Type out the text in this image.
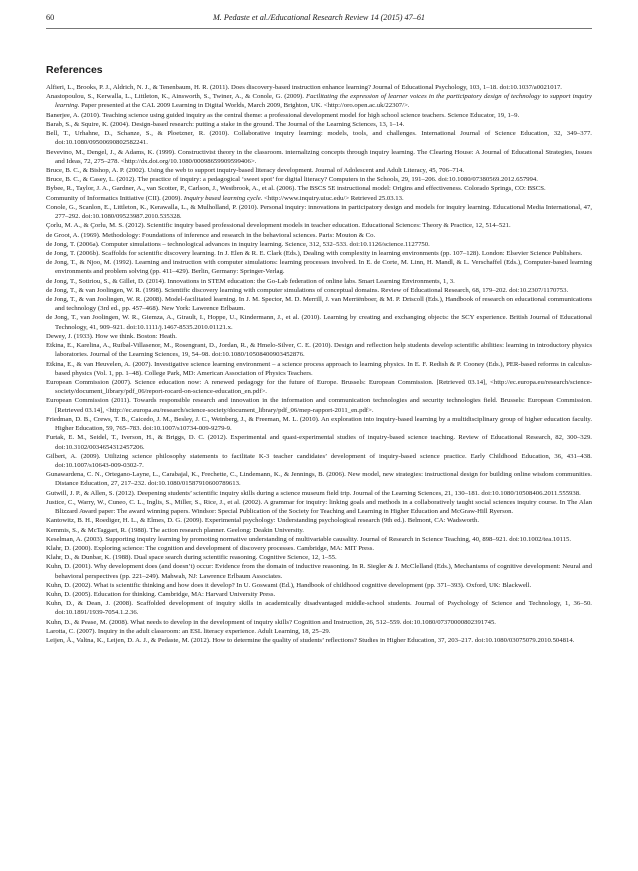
60	M. Pedaste et al./Educational Research Review 14 (2015) 47–61
References
Alfieri, L., Brooks, P. J., Aldrich, N. J., & Tenenbaum, H. R. (2011). Does discovery-based instruction enhance learning? Journal of Educational Psychology, 103, 1–18. doi:10.1037/a0021017.
Anastopoulou, S., Kerwalla, L., Littleton, K., Ainsworth, S., Twiner, A., & Conole, G. (2009). Facilitating the expression of learner voices in the participatory design of technology to support inquiry learning. Paper presented at the CAL 2009 Learning in Digital Worlds, March 2009, Brighton, UK. <http://oro.open.ac.uk/22307/>.
Banerjee, A. (2010). Teaching science using guided inquiry as the central theme: a professional development model for high school science teachers. Science Educator, 19, 1–9.
Barab, S., & Squire, K. (2004). Design-based research: putting a stake in the ground. The Journal of the Learning Sciences, 13, 1–14.
Bell, T., Urhahne, D., Schanze, S., & Ploetzner, R. (2010). Collaborative inquiry learning: models, tools, and challenges. International Journal of Science Education, 32, 349–377. doi:10.1080/09500690802582241.
Bevevino, M., Dengel, J., & Adams, K. (1999). Constructivist theory in the classroom. internalizing concepts through inquiry learning. The Clearing House: A Journal of Educational Strategies, Issues and Ideas, 72, 275–278. <http://dx.doi.org/10.1080/00098659909599406>.
Bruce, B. C., & Bishop, A. P. (2002). Using the web to support inquiry-based literacy development. Journal of Adolescent and Adult Literacy, 45, 706–714.
Bruce, B. C., & Casey, L. (2012). The practice of inquiry: a pedagogical ‘sweet spot’ for digital literacy? Computers in the Schools, 29, 191–206. doi:10.1080/07380569.2012.657994.
Bybee, R., Taylor, J. A., Gardner, A., van Scotter, P., Carlson, J., Westbrook, A., et al. (2006). The BSCS 5E instructional model: Origins and effectiveness. Colorado Springs, CO: BSCS.
Community of Informatics Initiative (CII). (2009). Inquiry based learning cycle. <http://www.inquiry.uiuc.edu/> Retrieved 25.03.13.
Conole, G., Scanlon, E., Littleton, K., Kerawalla, L., & Mulholland, P. (2010). Personal inquiry: innovations in participatory design and models for inquiry learning. Educational Media International, 47, 277–292. doi:10.1080/09523987.2010.535328.
Çorlu, M. A., & Çorlu, M. S. (2012). Scientific inquiry based professional development models in teacher education. Educational Sciences: Theory & Practice, 12, 514–521.
de Groot, A. (1969). Methodology: Foundations of inference and research in the behavioral sciences. Paris: Mouton & Co.
de Jong, T. (2006a). Computer simulations – technological advances in inquiry learning. Science, 312, 532–533. doi:10.1126/science.1127750.
de Jong, T. (2006b). Scaffolds for scientific discovery learning. In J. Elen & R. E. Clark (Eds.), Dealing with complexity in learning environments (pp. 107–128). London: Elsevier Science Publishers.
de Jong, T., & Njoo, M. (1992). Learning and instruction with computer simulations: learning processes involved. In E. de Corte, M. Linn, H. Mandl, & L. Verschaffel (Eds.), Computer-based learning environments and problem solving (pp. 411–429). Berlin, Germany: Springer-Verlag.
de Jong, T., Sotiriou, S., & Gillet, D. (2014). Innovations in STEM education: the Go-Lab federation of online labs. Smart Learning Environments, 1, 3.
de Jong, T., & van Joolingen, W. R. (1998). Scientific discovery learning with computer simulations of conceptual domains. Review of Educational Research, 68, 179–202. doi:10.2307/1170753.
de Jong, T., & van Joolingen, W. R. (2008). Model-facilitated learning. In J. M. Spector, M. D. Merrill, J. van Merriënboer, & M. P. Driscoll (Eds.), Handbook of research on educational communications and technology (3rd ed., pp. 457–468). New York: Lawrence Erlbaum.
de Jong, T., van Joolingen, W. R., Giemza, A., Girault, I., Hoppe, U., Kindermann, J., et al. (2010). Learning by creating and exchanging objects: the SCY experience. British Journal of Educational Technology, 41, 909–921. doi:10.1111/j.1467-8535.2010.01121.x.
Dewey, J. (1933). How we think. Boston: Heath.
Etkina, E., Karelina, A., Ruibal-Villasenor, M., Rosengrant, D., Jordan, R., & Hmelo-Silver, C. E. (2010). Design and reflection help students develop scientific abilities: learning in introductory physics laboratories. Journal of the Learning Sciences, 19, 54–98. doi:10.1080/10508400903452876.
Etkina, E., & van Heuvelen, A. (2007). Investigative science learning environment – a science process approach to learning physics. In E. F. Redish & P. Cooney (Eds.), PER-based reforms in calculus-based physics (Vol. 1, pp. 1–48). College Park, MD: American Association of Physics Teachers.
European Commission (2007). Science education now: A renewed pedagogy for the future of Europe. Brussels: European Commission. [Retrieved 03.14], <http://ec.europa.eu/research/science-society/document_library/pdf_06/report-rocard-on-science-education_en.pdf>.
European Commission (2011). Towards responsible research and innovation in the information and communication technologies and security technologies field. Brussels: European Commission. [Retrieved 03.14], <http://ec.europa.eu/research/science-society/document_library/pdf_06/mep-rapport-2011_en.pdf>.
Friedman, D. B., Crews, T. B., Caicedo, J. M., Besley, J. C., Weinberg, J., & Freeman, M. L. (2010). An exploration into inquiry-based learning by a multidisciplinary group of higher education faculty. Higher Education, 59, 765–783. doi:10.1007/s10734-009-9279-9.
Furtak, E. M., Seidel, T., Iverson, H., & Briggs, D. C. (2012). Experimental and quasi-experimental studies of inquiry-based science teaching. Review of Educational Research, 82, 300–329. doi:10.3102/0034654312457206.
Gilbert, A. (2009). Utilizing science philosophy statements to facilitate K-3 teacher candidates’ development of inquiry-based science practice. Early Childhood Education, 36, 431–438. doi:10.1007/s10643-009-0302-7.
Gunawardena, C. N., Ortegano-Layne, L., Carabajal, K., Frechette, C., Lindemann, K., & Jennings, B. (2006). New model, new strategies: instructional design for building online wisdom communities. Distance Education, 27, 217–232. doi:10.1080/01587910600789613.
Gutwill, J. P., & Allen, S. (2012). Deepening students’ scientific inquiry skills during a science museum field trip. Journal of the Learning Sciences, 21, 130–181. doi:10.1080/10508406.2011.555938.
Justice, C., Warry, W., Cuneo, C. L., Inglis, S., Miller, S., Rice, J., et al. (2002). A grammar for inquiry: linking goals and methods in a collaboratively taught social sciences inquiry course. In The Alan Blizzard Award paper: The award winning papers. Windsor: Special Publication of the Society for Teaching and Learning in Higher Education and McGraw-Hill Ryerson.
Kantowitz, B. H., Roediger, H. L., & Elmes, D. G. (2009). Experimental psychology: Understanding psychological research (9th ed.). Belmont, CA: Wadsworth.
Kemmis, S., & McTaggart, R. (1988). The action research planner. Geelong: Deakin University.
Keselman, A. (2003). Supporting inquiry learning by promoting normative understanding of multivariable causality. Journal of Research in Science Teaching, 40, 898–921. doi:10.1002/tea.10115.
Klahr, D. (2000). Exploring science: The cognition and development of discovery processes. Cambridge, MA: MIT Press.
Klahr, D., & Dunbar, K. (1988). Dual space search during scientific reasoning. Cognitive Science, 12, 1–55.
Kuhn, D. (2001). Why development does (and doesn’t) occur: Evidence from the domain of inductive reasoning. In R. Siegler & J. McClelland (Eds.), Mechanisms of cognitive development: Neural and behavioral perspectives (pp. 221–249). Mahwah, NJ: Lawrence Erlbaum Associates.
Kuhn, D. (2002). What is scientific thinking and how does it develop? In U. Goswami (Ed.), Handbook of childhood cognitive development (pp. 371–393). Oxford, UK: Blackwell.
Kuhn, D. (2005). Education for thinking. Cambridge, MA: Harvard University Press.
Kuhn, D., & Dean, J. (2008). Scaffolded development of inquiry skills in academically disadvantaged middle-school students. Journal of Psychology of Science and Technology, 1, 36–50. doi:10.1891/1939-7054.1.2.36.
Kuhn, D., & Pease, M. (2008). What needs to develop in the development of inquiry skills? Cognition and Instruction, 26, 512–559. doi:10.1080/07370000802391745.
Larotta, C. (2007). Inquiry in the adult classroom: an ESL literacy experience. Adult Learning, 18, 25–29.
Leijen, Ä., Valtna, K., Leijen, D. A. J., & Pedaste, M. (2012). How to determine the quality of students’ reflections? Studies in Higher Education, 37, 203–217. doi:10.1080/03075079.2010.504814.
